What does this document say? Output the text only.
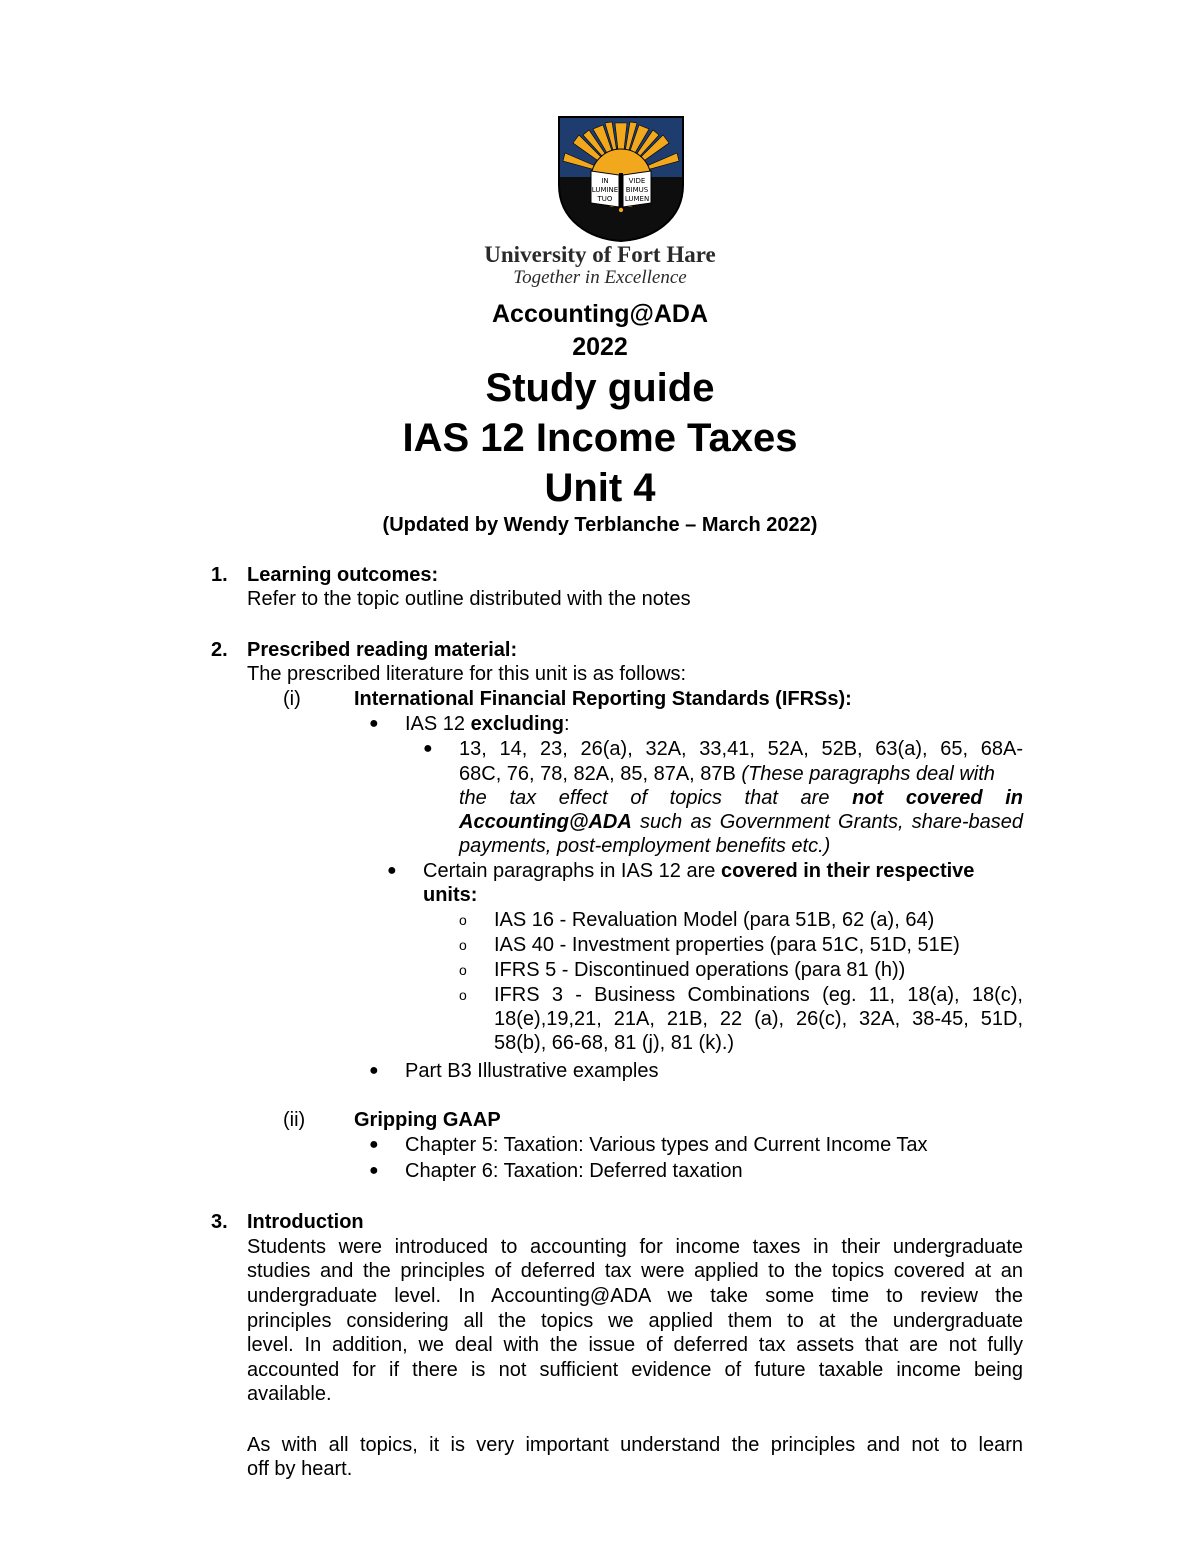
IN
LUMINE
TUO
VIDE
BIMUS
LUMEN
University of Fort Hare
Together in Excellence
Accounting@ADA
2022
Study guide
IAS 12 Income Taxes
Unit 4
(Updated by Wendy Terblanche – March 2022)
1. Learning outcomes:
Refer to the topic outline distributed with the notes
2. Prescribed reading material:
The prescribed literature for this unit is as follows:
(i)	International Financial Reporting Standards (IFRSs):
● IAS 12 excluding:
● 13, 14, 23, 26(a), 32A, 33,41, 52A, 52B, 63(a), 65, 68A-
68C, 76, 78, 82A, 85, 87A, 87B (These paragraphs deal with
the tax effect of topics that are not covered in
Accounting@ADA such as Government Grants, share-based
payments, post-employment benefits etc.)
● Certain paragraphs in IAS 12 are covered in their respective
units:
o IAS 16 - Revaluation Model (para 51B, 62 (a), 64)
o IAS 40 - Investment properties (para 51C, 51D, 51E)
o IFRS 5 - Discontinued operations (para 81 (h))
o IFRS 3 - Business Combinations (eg. 11, 18(a), 18(c),
18(e),19,21, 21A, 21B, 22 (a), 26(c), 32A, 38-45, 51D,
58(b), 66-68, 81 (j), 81 (k).)
● Part B3 Illustrative examples
(ii) Gripping GAAP
● Chapter 5: Taxation: Various types and Current Income Tax
● Chapter 6: Taxation: Deferred taxation
3. Introduction
Students were introduced to accounting for income taxes in their undergraduate
studies and the principles of deferred tax were applied to the topics covered at an
undergraduate level. In Accounting@ADA we take some time to review the
principles considering all the topics we applied them to at the undergraduate
level. In addition, we deal with the issue of deferred tax assets that are not fully
accounted for if there is not sufficient evidence of future taxable income being
available.
As with all topics, it is very important understand the principles and not to learn
off by heart.
